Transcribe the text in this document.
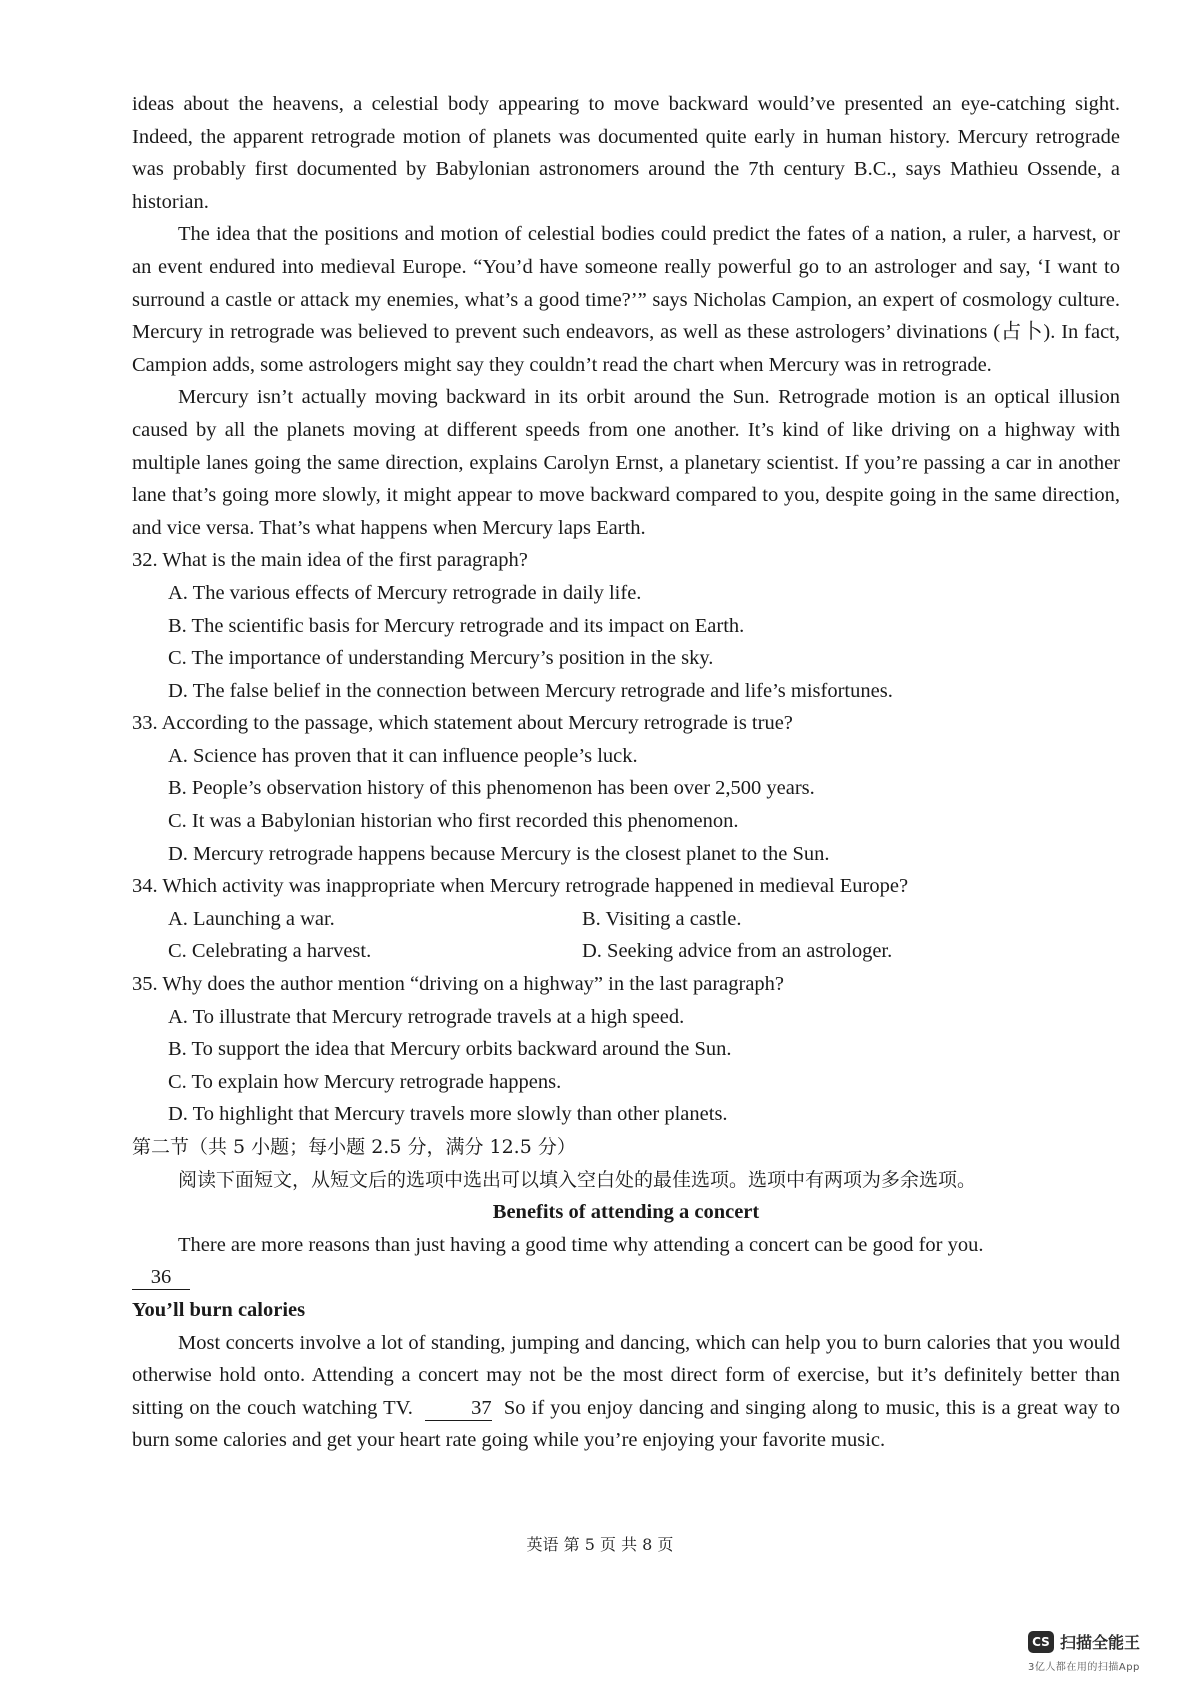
ideas about the heavens, a celestial body appearing to move backward would’ve presented an eye-catching sight. Indeed, the apparent retrograde motion of planets was documented quite early in human history. Mercury retrograde was probably first documented by Babylonian astronomers around the 7th century B.C., says Mathieu Ossende, a historian.

The idea that the positions and motion of celestial bodies could predict the fates of a nation, a ruler, a harvest, or an event endured into medieval Europe. “You’d have someone really powerful go to an astrologer and say, ‘I want to surround a castle or attack my enemies, what’s a good time?’” says Nicholas Campion, an expert of cosmology culture. Mercury in retrograde was believed to prevent such endeavors, as well as these astrologers’ divinations (占卜). In fact, Campion adds, some astrologers might say they couldn’t read the chart when Mercury was in retrograde.

Mercury isn’t actually moving backward in its orbit around the Sun. Retrograde motion is an optical illusion caused by all the planets moving at different speeds from one another. It’s kind of like driving on a highway with multiple lanes going the same direction, explains Carolyn Ernst, a planetary scientist. If you’re passing a car in another lane that’s going more slowly, it might appear to move backward compared to you, despite going in the same direction, and vice versa. That’s what happens when Mercury laps Earth.

32. What is the main idea of the first paragraph?

A. The various effects of Mercury retrograde in daily life.

B. The scientific basis for Mercury retrograde and its impact on Earth.

C. The importance of understanding Mercury’s position in the sky.

D. The false belief in the connection between Mercury retrograde and life’s misfortunes.

33. According to the passage, which statement about Mercury retrograde is true?

A. Science has proven that it can influence people’s luck.

B. People’s observation history of this phenomenon has been over 2,500 years.

C. It was a Babylonian historian who first recorded this phenomenon.

D. Mercury retrograde happens because Mercury is the closest planet to the Sun.

34. Which activity was inappropriate when Mercury retrograde happened in medieval Europe?

A. Launching a war.	B. Visiting a castle.
C. Celebrating a harvest.	D. Seeking advice from an astrologer.

35. Why does the author mention “driving on a highway” in the last paragraph?

A. To illustrate that Mercury retrograde travels at a high speed.

B. To support the idea that Mercury orbits backward around the Sun.

C. To explain how Mercury retrograde happens.

D. To highlight that Mercury travels more slowly than other planets.

第二节（共 5 小题；每小题 2.5 分，满分 12.5 分）

阅读下面短文，从短文后的选项中选出可以填入空白处的最佳选项。选项中有两项为多余选项。

Benefits of attending a concert

There are more reasons than just having a good time why attending a concert can be good for you.

36

You’ll burn calories

Most concerts involve a lot of standing, jumping and dancing, which can help you to burn calories that you would otherwise hold onto. Attending a concert may not be the most direct form of exercise, but it’s definitely better than sitting on the couch watching TV.	37 So if you enjoy dancing and singing along to music, this is a great way to burn some calories and get your heart rate going while you’re enjoying your favorite music.

英语 第 5 页 共 8 页
CS 扫描全能王
3亿人都在用的扫描App
